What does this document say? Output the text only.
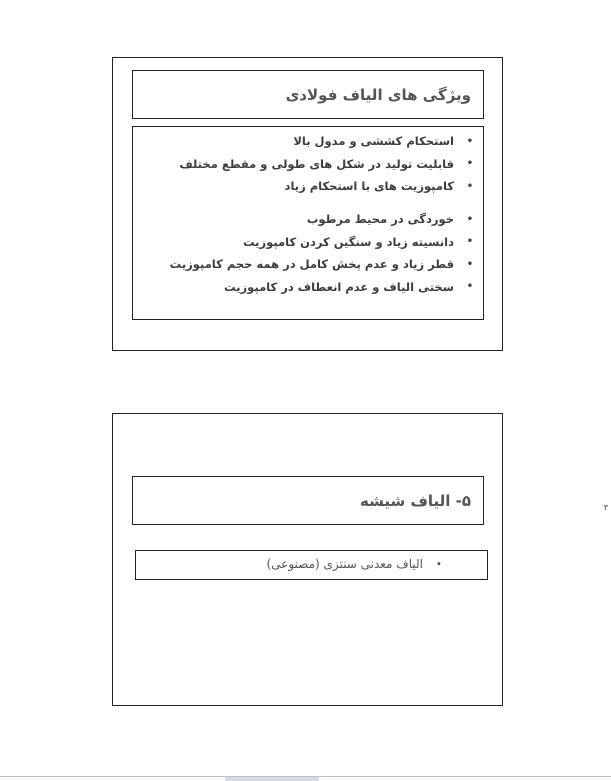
ویژگی های الیاف فولادی
•
استحکام کششی و مدول بالا
•
قابلیت تولید در شکل های طولی و مقطع مختلف
•
کامپوزیت های با استحکام زیاد
•
خوردگی در محیط مرطوب
•
دانسیته زیاد و سنگین کردن کامپوزیت
•
قطر زیاد و عدم پخش کامل در همه حجم کامپوزیت
•
سختی الیاف و عدم انعطاف در کامپوزیت
۵- الیاف شیشه
•
الیاف معدنی سنتزی (مصنوعی)
٣
